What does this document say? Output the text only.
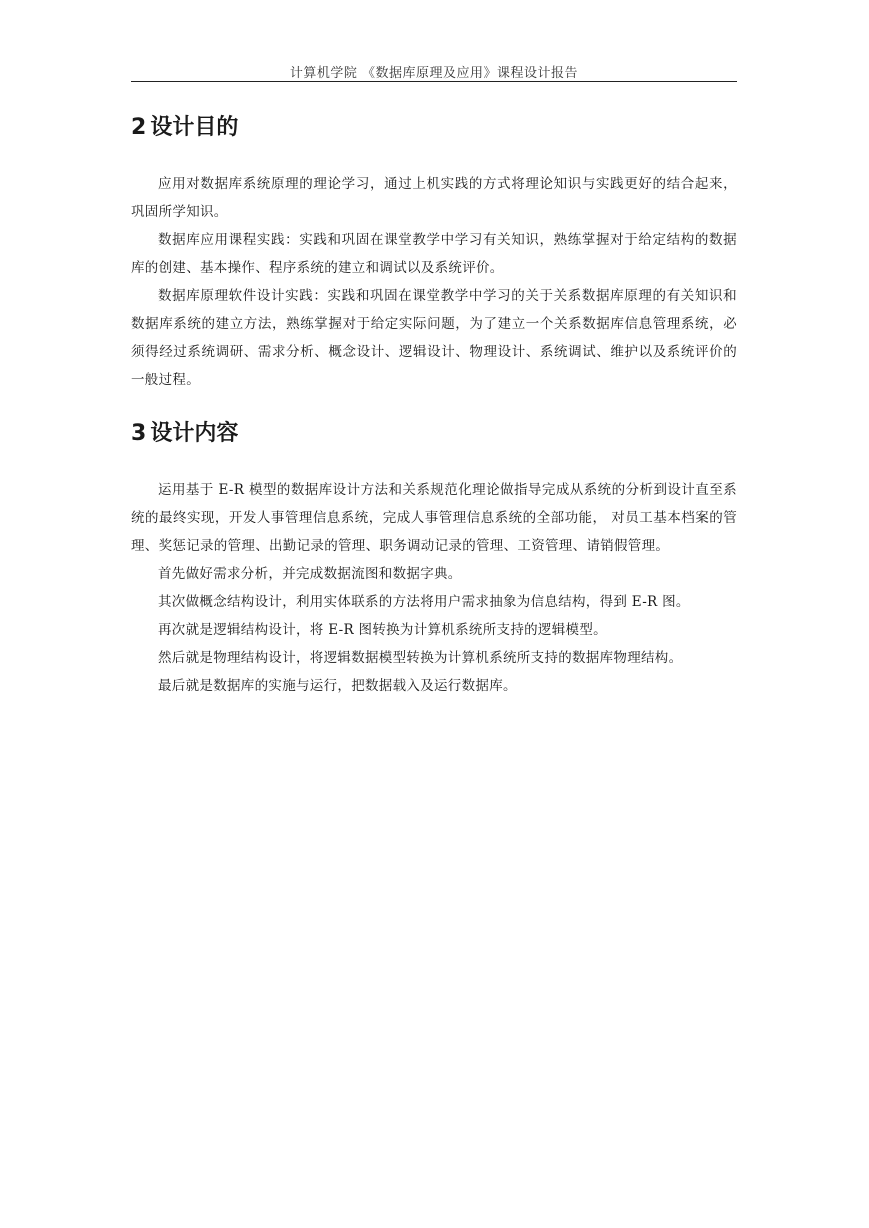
计算机学院 《数据库原理及应用》课程设计报告
2 设计目的

应用对数据库系统原理的理论学习，通过上机实践的方式将理论知识与实践更好的结合起来，巩固所学知识。

数据库应用课程实践：实践和巩固在课堂教学中学习有关知识，熟练掌握对于给定结构的数据库的创建、基本操作、程序系统的建立和调试以及系统评价。

数据库原理软件设计实践：实践和巩固在课堂教学中学习的关于关系数据库原理的有关知识和数据库系统的建立方法，熟练掌握对于给定实际问题，为了建立一个关系数据库信息管理系统，必须得经过系统调研、需求分析、概念设计、逻辑设计、物理设计、系统调试、维护以及系统评价的一般过程。

3 设计内容

运用基于 E-R 模型的数据库设计方法和关系规范化理论做指导完成从系统的分析到设计直至系统的最终实现，开发人事管理信息系统，完成人事管理信息系统的全部功能， 对员工基本档案的管理、奖惩记录的管理、出勤记录的管理、职务调动记录的管理、工资管理、请销假管理。

首先做好需求分析，并完成数据流图和数据字典。

其次做概念结构设计，利用实体联系的方法将用户需求抽象为信息结构，得到 E-R 图。

再次就是逻辑结构设计，将 E-R 图转换为计算机系统所支持的逻辑模型。

然后就是物理结构设计，将逻辑数据模型转换为计算机系统所支持的数据库物理结构。

最后就是数据库的实施与运行，把数据载入及运行数据库。
